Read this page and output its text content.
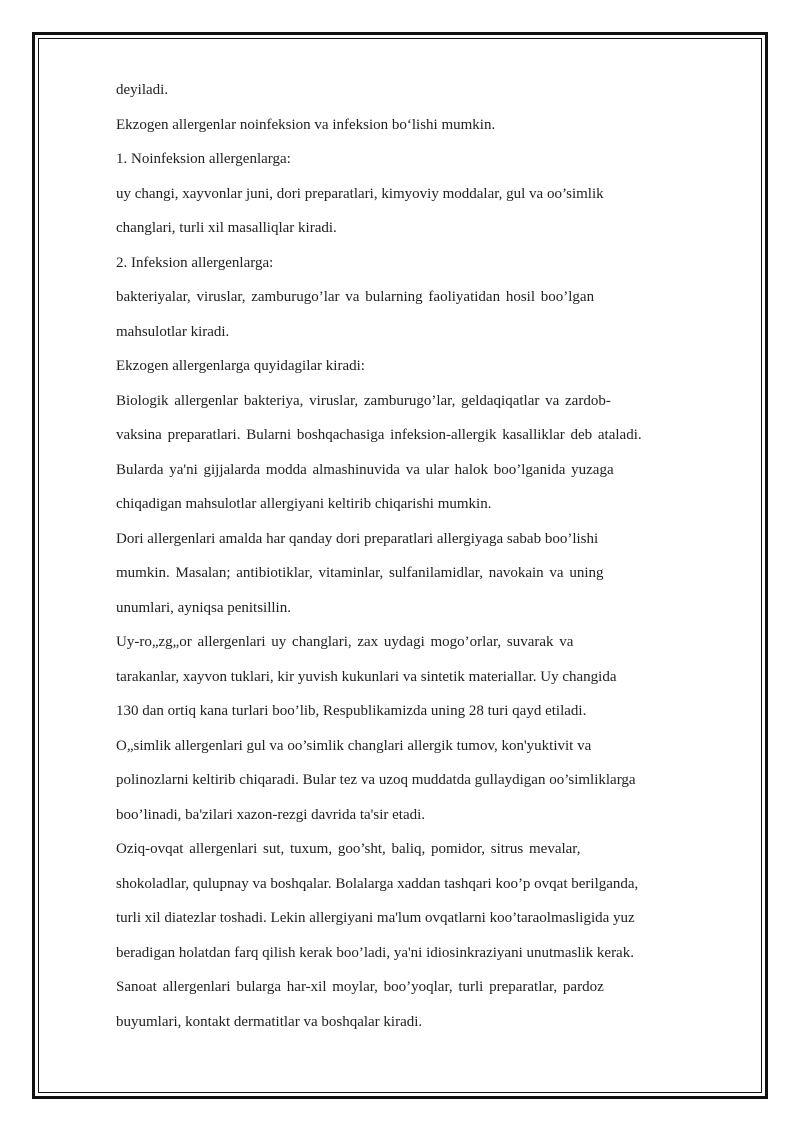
deyiladi.
Ekzogen allergenlar noinfeksion va infeksion bo‘lishi mumkin.
1. Noinfeksion allergenlarga:
uy changi, xayvonlar juni, dori preparatlari, kimyoviy moddalar, gul va oo’simlik
changlari, turli xil masalliqlar kiradi.
2. Infeksion allergenlarga:
bakteriyalar, viruslar, zamburugo’lar va bularning faoliyatidan hosil boo’lgan
mahsulotlar kiradi.
Ekzogen allergenlarga quyidagilar kiradi:
Biologik allergenlar bakteriya, viruslar, zamburugo’lar, geldaqiqatlar va zardob-
vaksina preparatlari. Bularni boshqachasiga infeksion-allergik kasalliklar deb ataladi.
Bularda ya'ni gijjalarda modda almashinuvida va ular halok boo’lganida yuzaga
chiqadigan mahsulotlar allergiyani keltirib chiqarishi mumkin.
Dori allergenlari amalda har qanday dori preparatlari allergiyaga sabab boo’lishi
mumkin. Masalan; antibiotiklar, vitaminlar, sulfanilamidlar, navokain va uning
unumlari, ayniqsa penitsillin.
Uy-ro„zg„or allergenlari uy changlari, zax uydagi mogo’orlar, suvarak va
tarakanlar, xayvon tuklari, kir yuvish kukunlari va sintetik materiallar. Uy changida
130 dan ortiq kana turlari boo’lib, Respublikamizda uning 28 turi qayd etiladi.
O„simlik allergenlari gul va oo’simlik changlari allergik tumov, kon'yuktivit va
polinozlarni keltirib chiqaradi. Bular tez va uzoq muddatda gullaydigan oo’simliklarga
boo’linadi, ba'zilari xazon-rezgi davrida ta'sir etadi.
Oziq-ovqat allergenlari sut, tuxum, goo’sht, baliq, pomidor, sitrus mevalar,
shokoladlar, qulupnay va boshqalar. Bolalarga xaddan tashqari koo’p ovqat berilganda,
turli xil diatezlar toshadi. Lekin allergiyani ma'lum ovqatlarni koo’taraolmasligida yuz
beradigan holatdan farq qilish kerak boo’ladi, ya'ni idiosinkraziyani unutmaslik kerak.
Sanoat allergenlari bularga har-xil moylar, boo’yoqlar, turli preparatlar, pardoz
buyumlari, kontakt dermatitlar va boshqalar kiradi.
